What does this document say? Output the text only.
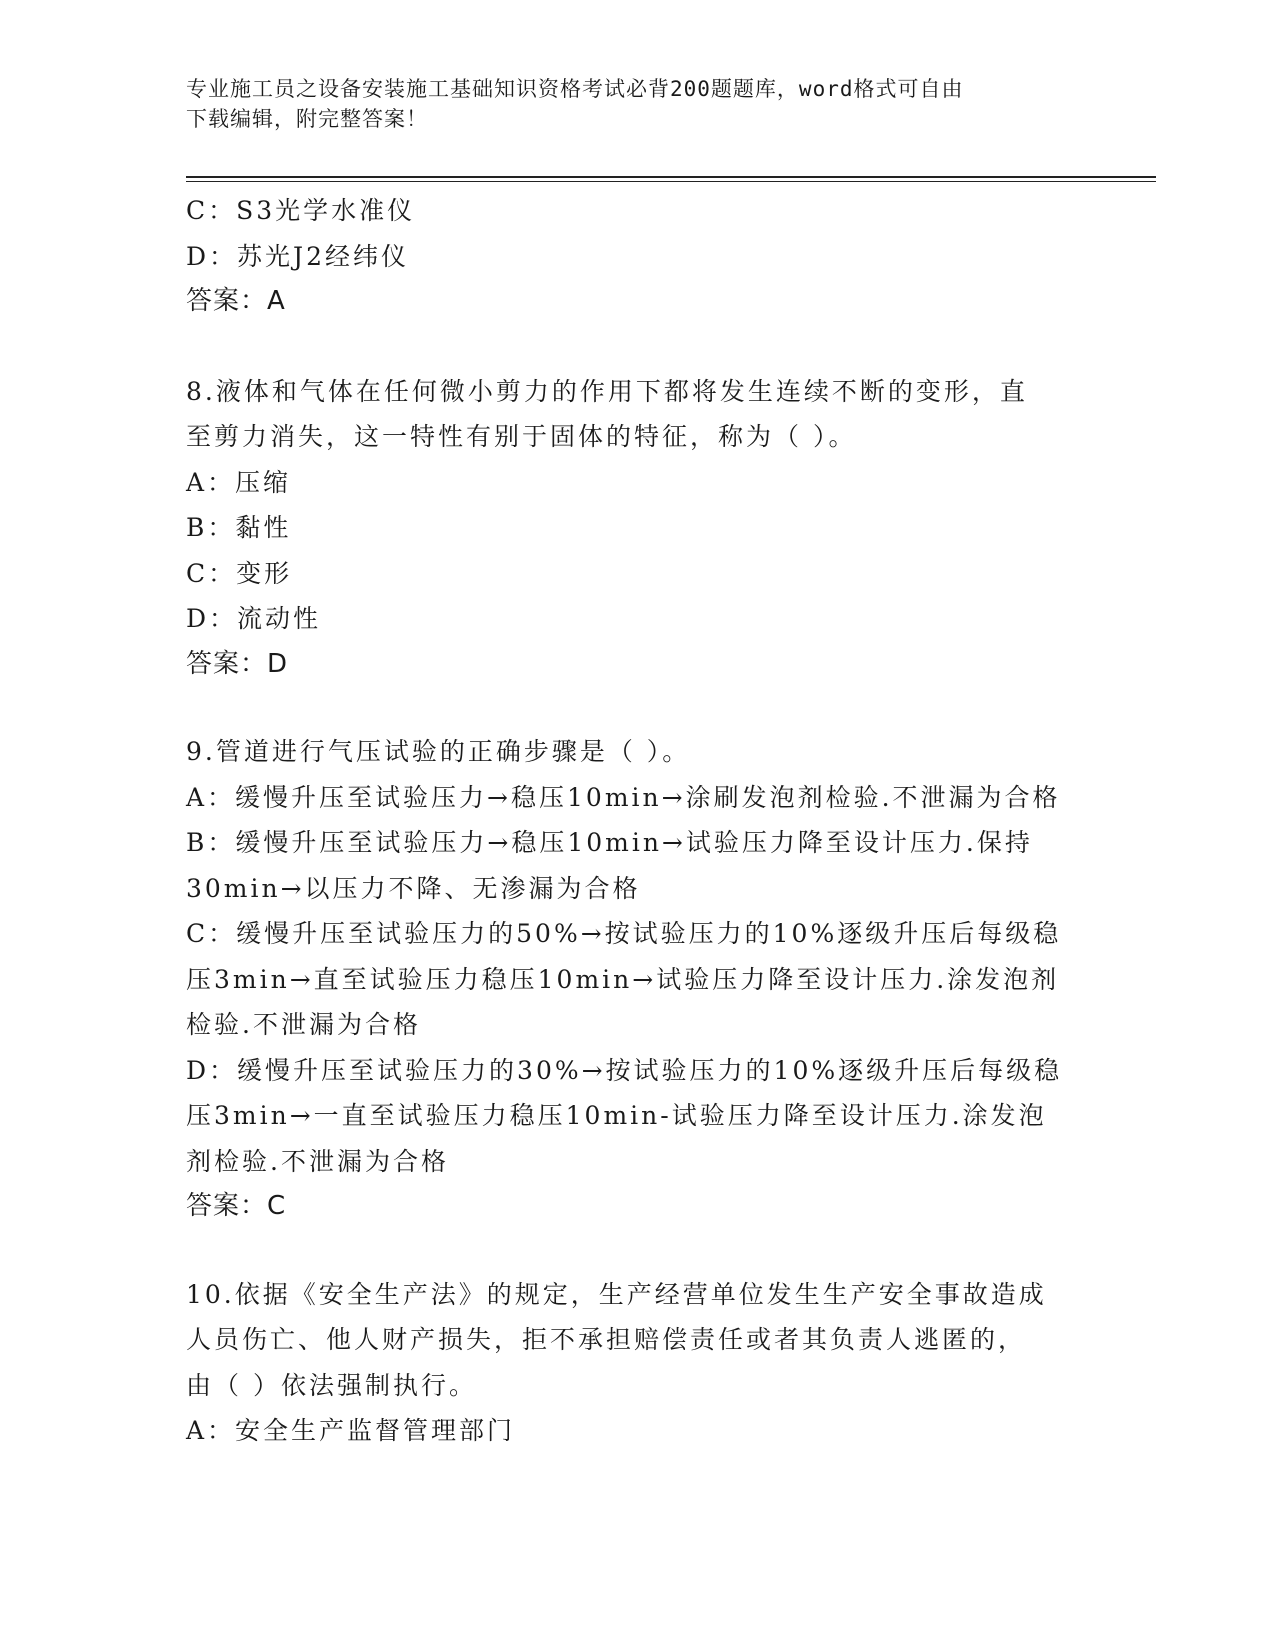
专业施工员之设备安装施工基础知识资格考试必背200题题库，word格式可自由
下载编辑，附完整答案！
C：S3光学水准仪
D：苏光J2经纬仪
答案：A
8.液体和气体在任何微小剪力的作用下都将发生连续不断的变形，直
至剪力消失，这一特性有别于固体的特征，称为（ ）。
A：压缩
B：黏性
C：变形
D：流动性
答案：D
9.管道进行气压试验的正确步骤是（ ）。
A：缓慢升压至试验压力→稳压10min→涂刷发泡剂检验.不泄漏为合格
B：缓慢升压至试验压力→稳压10min→试验压力降至设计压力.保持
30min→以压力不降、无渗漏为合格
C：缓慢升压至试验压力的50%→按试验压力的10%逐级升压后每级稳
压3min→直至试验压力稳压10min→试验压力降至设计压力.涂发泡剂
检验.不泄漏为合格
D：缓慢升压至试验压力的30%→按试验压力的10%逐级升压后每级稳
压3min→一直至试验压力稳压10min-试验压力降至设计压力.涂发泡
剂检验.不泄漏为合格
答案：C
10.依据《安全生产法》的规定，生产经营单位发生生产安全事故造成
人员伤亡、他人财产损失，拒不承担赔偿责任或者其负责人逃匿的，
由（ ）依法强制执行。
A：安全生产监督管理部门
